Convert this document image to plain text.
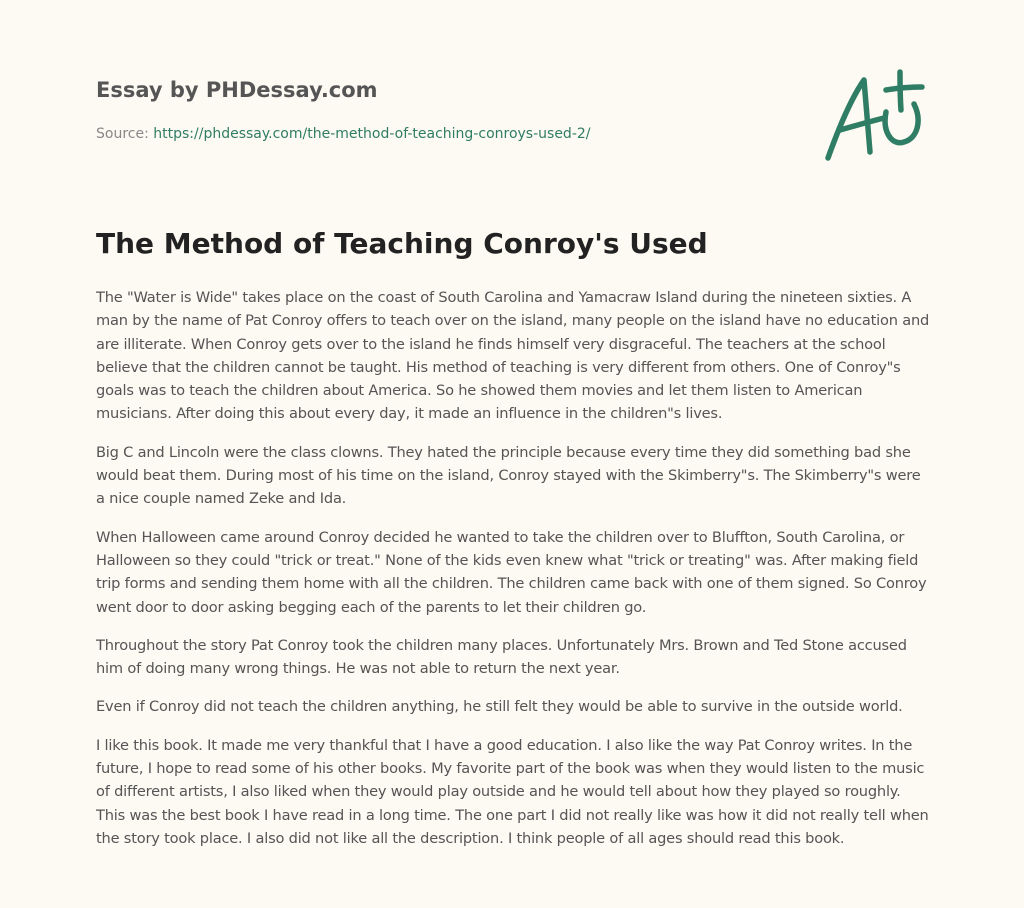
Essay by PHDessay.com
Source: https://phdessay.com/the-method-of-teaching-conroys-used-2/
The Method of Teaching Conroy's Used

The "Water is Wide" takes place on the coast of South Carolina and Yamacraw Island during the nineteen sixties. A man by the name of Pat Conroy offers to teach over on the island, many people on the island have no education and are illiterate. When Conroy gets over to the island he finds himself very disgraceful. The teachers at the school believe that the children cannot be taught. His method of teaching is very different from others. One of Conroy"s goals was to teach the children about America. So he showed them movies and let them listen to American musicians. After doing this about every day, it made an influence in the children"s lives.

Big C and Lincoln were the class clowns. They hated the principle because every time they did something bad she would beat them. During most of his time on the island, Conroy stayed with the Skimberry"s. The Skimberry"s were a nice couple named Zeke and Ida.

When Halloween came around Conroy decided he wanted to take the children over to Bluffton, South Carolina, or Halloween so they could "trick or treat." None of the kids even knew what "trick or treating" was. After making field trip forms and sending them home with all the children. The children came back with one of them signed. So Conroy went door to door asking begging each of the parents to let their children go.

Throughout the story Pat Conroy took the children many places. Unfortunately Mrs. Brown and Ted Stone accused him of doing many wrong things. He was not able to return the next year.

Even if Conroy did not teach the children anything, he still felt they would be able to survive in the outside world.

I like this book. It made me very thankful that I have a good education. I also like the way Pat Conroy writes. In the future, I hope to read some of his other books. My favorite part of the book was when they would listen to the music of different artists, I also liked when they would play outside and he would tell about how they played so roughly. This was the best book I have read in a long time. The one part I did not really like was how it did not really tell when the story took place. I also did not like all the description. I think people of all ages should read this book.
